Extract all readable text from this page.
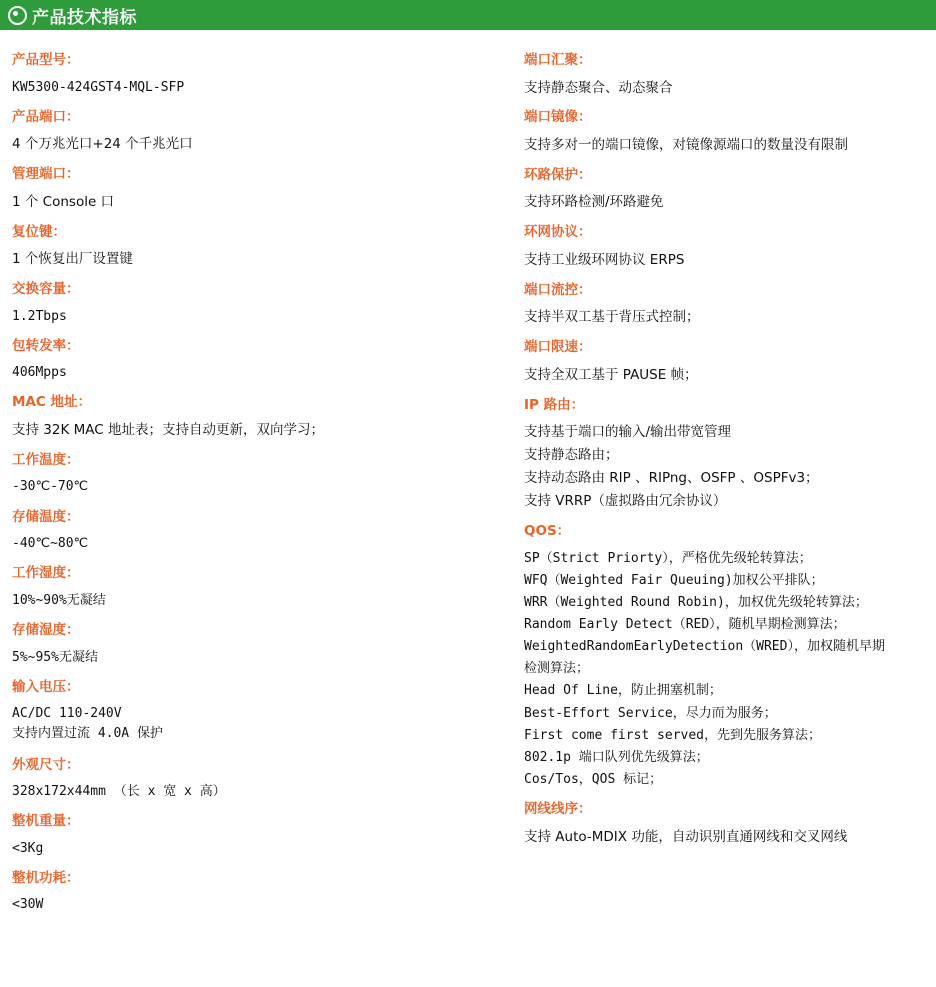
产品技术指标
产品型号：
KW5300-424GST4-MQL-SFP
产品端口：
4 个万兆光口+24 个千兆光口
管理端口：
1 个 Console 口
复位键：
1 个恢复出厂设置键
交换容量：
1.2Tbps
包转发率：
406Mpps
MAC 地址：
支持 32K MAC 地址表；支持自动更新，双向学习；
工作温度：
-30℃-70℃
存储温度：
-40℃~80℃
工作湿度：
10%~90%无凝结
存储湿度：
5%~95%无凝结
输入电压：
AC/DC 110-240V
支持内置过流 4.0A 保护
外观尺寸：
328x172x44mm （长 x 宽 x 高）
整机重量：
<3Kg
整机功耗：
<30W
端口汇聚：
支持静态聚合、动态聚合
端口镜像：
支持多对一的端口镜像，对镜像源端口的数量没有限制
环路保护：
支持环路检测/环路避免
环网协议：
支持工业级环网协议 ERPS
端口流控：
支持半双工基于背压式控制；
端口限速：
支持全双工基于 PAUSE 帧；
IP 路由：
支持基于端口的输入/输出带宽管理
支持静态路由；
支持动态路由 RIP 、RIPng、OSFP 、OSPFv3；
支持 VRRP（虚拟路由冗余协议）
QOS：
SP（Strict Priorty），严格优先级轮转算法；
WFQ（Weighted Fair Queuing)加权公平排队；
WRR（Weighted Round Robin)，加权优先级轮转算法；
Random Early Detect（RED），随机早期检测算法；
WeightedRandomEarlyDetection（WRED），加权随机早期
检测算法；
Head Of Line，防止拥塞机制；
Best-Effort Service，尽力而为服务；
First come first served，先到先服务算法；
802.1p 端口队列优先级算法；
Cos/Tos，QOS 标记；
网线线序：
支持 Auto-MDIX 功能，自动识别直通网线和交叉网线
